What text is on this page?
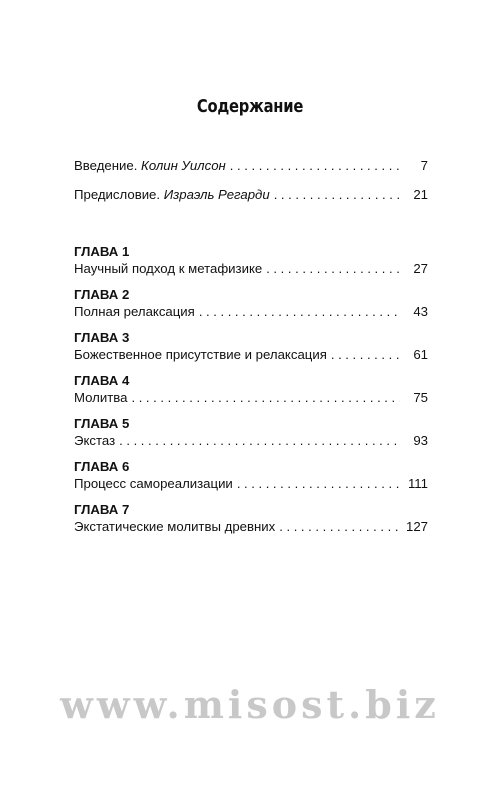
Содержание
Введение. Колин Уилсон . . .	7
Предисловие. Израэль Регарди . . .	21
ГЛАВА 1
Научный подход к метафизике . . .	27
ГЛАВА 2
Полная релаксация . . .	43
ГЛАВА 3
Божественное присутствие и релаксация . . .	61
ГЛАВА 4
Молитва . . .	75
ГЛАВА 5
Экстаз . . .	93
ГЛАВА 6
Процесс самореализации . . .	111
ГЛАВА 7
Экстатические молитвы древних . . .	127
www.misost.biz
